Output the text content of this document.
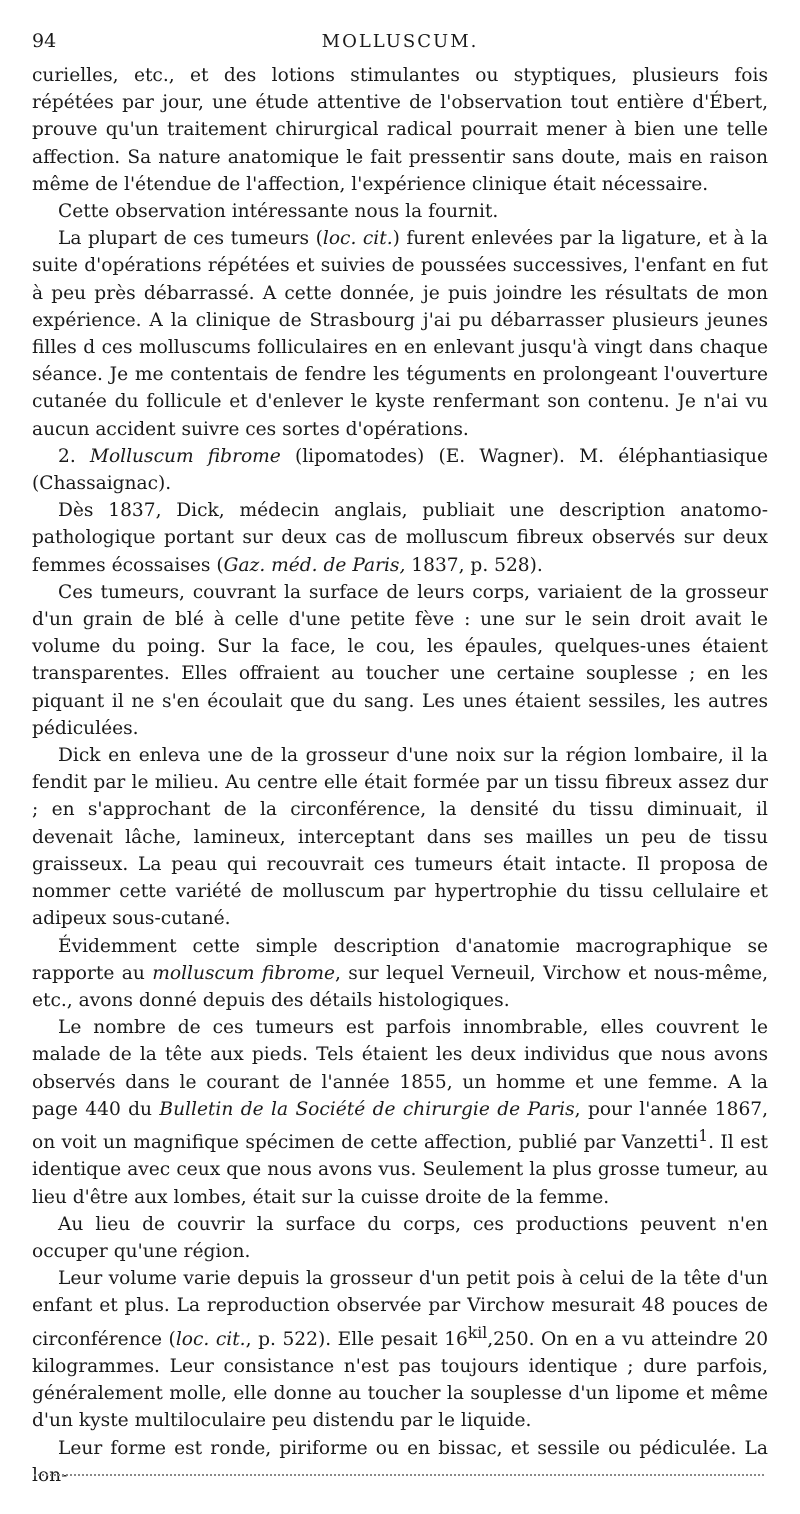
94	MOLLUSCUM.

curielles, etc., et des lotions stimulantes ou styptiques, plusieurs fois répétées par jour, une étude attentive de l'observation tout entière d'Ébert, prouve qu'un traitement chirurgical radical pourrait mener à bien une telle affection. Sa nature anatomique le fait pressentir sans doute, mais en raison même de l'étendue de l'affection, l'expérience clinique était nécessaire.

Cette observation intéressante nous la fournit.

La plupart de ces tumeurs (loc. cit.) furent enlevées par la ligature, et à la suite d'opérations répétées et suivies de poussées successives, l'enfant en fut à peu près débarrassé. A cette donnée, je puis joindre les résultats de mon expérience. A la clinique de Strasbourg j'ai pu débarrasser plusieurs jeunes filles d ces molluscums folliculaires en en enlevant jusqu'à vingt dans chaque séance. Je me contentais de fendre les téguments en prolongeant l'ouverture cutanée du follicule et d'enlever le kyste renfermant son contenu. Je n'ai vu aucun accident suivre ces sortes d'opérations.

2. Molluscum fibrome (lipomatodes) (E. Wagner). M. éléphantiasique (Chassaignac).

Dès 1837, Dick, médecin anglais, publiait une description anatomo-pathologique portant sur deux cas de molluscum fibreux observés sur deux femmes écossaises (Gaz. méd. de Paris, 1837, p. 528).

Ces tumeurs, couvrant la surface de leurs corps, variaient de la grosseur d'un grain de blé à celle d'une petite fève : une sur le sein droit avait le volume du poing. Sur la face, le cou, les épaules, quelques-unes étaient transparentes. Elles offraient au toucher une certaine souplesse ; en les piquant il ne s'en écoulait que du sang. Les unes étaient sessiles, les autres pédiculées.

Dick en enleva une de la grosseur d'une noix sur la région lombaire, il la fendit par le milieu. Au centre elle était formée par un tissu fibreux assez dur ; en s'approchant de la circonférence, la densité du tissu diminuait, il devenait lâche, lamineux, interceptant dans ses mailles un peu de tissu graisseux. La peau qui recouvrait ces tumeurs était intacte. Il proposa de nommer cette variété de molluscum par hypertrophie du tissu cellulaire et adipeux sous-cutané.

Évidemment cette simple description d'anatomie macrographique se rapporte au molluscum fibrome, sur lequel Verneuil, Virchow et nous-même, etc., avons donné depuis des détails histologiques.

Le nombre de ces tumeurs est parfois innombrable, elles couvrent le malade de la tête aux pieds. Tels étaient les deux individus que nous avons observés dans le courant de l'année 1855, un homme et une femme. A la page 440 du Bulletin de la Société de chirurgie de Paris, pour l'année 1867, on voit un magnifique spécimen de cette affection, publié par Vanzetti$^1$. Il est identique avec ceux que nous avons vus. Seulement la plus grosse tumeur, au lieu d'être aux lombes, était sur la cuisse droite de la femme.

Au lieu de couvrir la surface du corps, ces productions peuvent n'en occuper qu'une région.

Leur volume varie depuis la grosseur d'un petit pois à celui de la tête d'un enfant et plus. La reproduction observée par Virchow mesurait 48 pouces de circonférence (loc. cit., p. 522). Elle pesait $16^{kil},250$. On en a vu atteindre 20 kilogrammes. Leur consistance n'est pas toujours identique ; dure parfois, généralement molle, elle donne au toucher la souplesse d'un lipome et même d'un kyste multiloculaire peu distendu par le liquide.

Leur forme est ronde, piriforme ou en bissac, et sessile ou pédiculée. La lon-
